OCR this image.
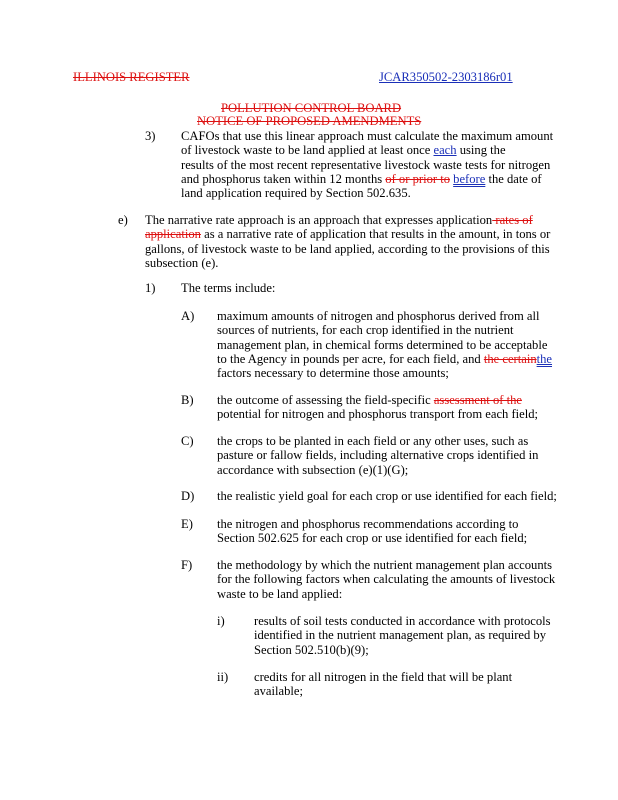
ILLINOIS REGISTER	JCAR350502-2303186r01
POLLUTION CONTROL BOARD
NOTICE OF PROPOSED AMENDMENTS
3) CAFOs that use this linear approach must calculate the maximum amount
of livestock waste to be land applied at least once each using the
results of the most recent representative livestock waste tests for nitrogen
and phosphorus taken within 12 months of or prior to before the date of
land application required by Section 502.635.
e) The narrative rate approach is an approach that expresses application rates of
application as a narrative rate of application that results in the amount, in tons or
gallons, of livestock waste to be land applied, according to the provisions of this
subsection (e).
1) The terms include:
A) maximum amounts of nitrogen and phosphorus derived from all
sources of nutrients, for each crop identified in the nutrient
management plan, in chemical forms determined to be acceptable
to the Agency in pounds per acre, for each field, and the certainthe
factors necessary to determine those amounts;
B) the outcome of assessing the field-specific assessment of the
potential for nitrogen and phosphorus transport from each field;
C) the crops to be planted in each field or any other uses, such as
pasture or fallow fields, including alternative crops identified in
accordance with subsection (e)(1)(G);
D) the realistic yield goal for each crop or use identified for each field;
E) the nitrogen and phosphorus recommendations according to
Section 502.625 for each crop or use identified for each field;
F) the methodology by which the nutrient management plan accounts
for the following factors when calculating the amounts of livestock
waste to be land applied:
i) results of soil tests conducted in accordance with protocols
identified in the nutrient management plan, as required by
Section 502.510(b)(9);
ii) credits for all nitrogen in the field that will be plant
available;
